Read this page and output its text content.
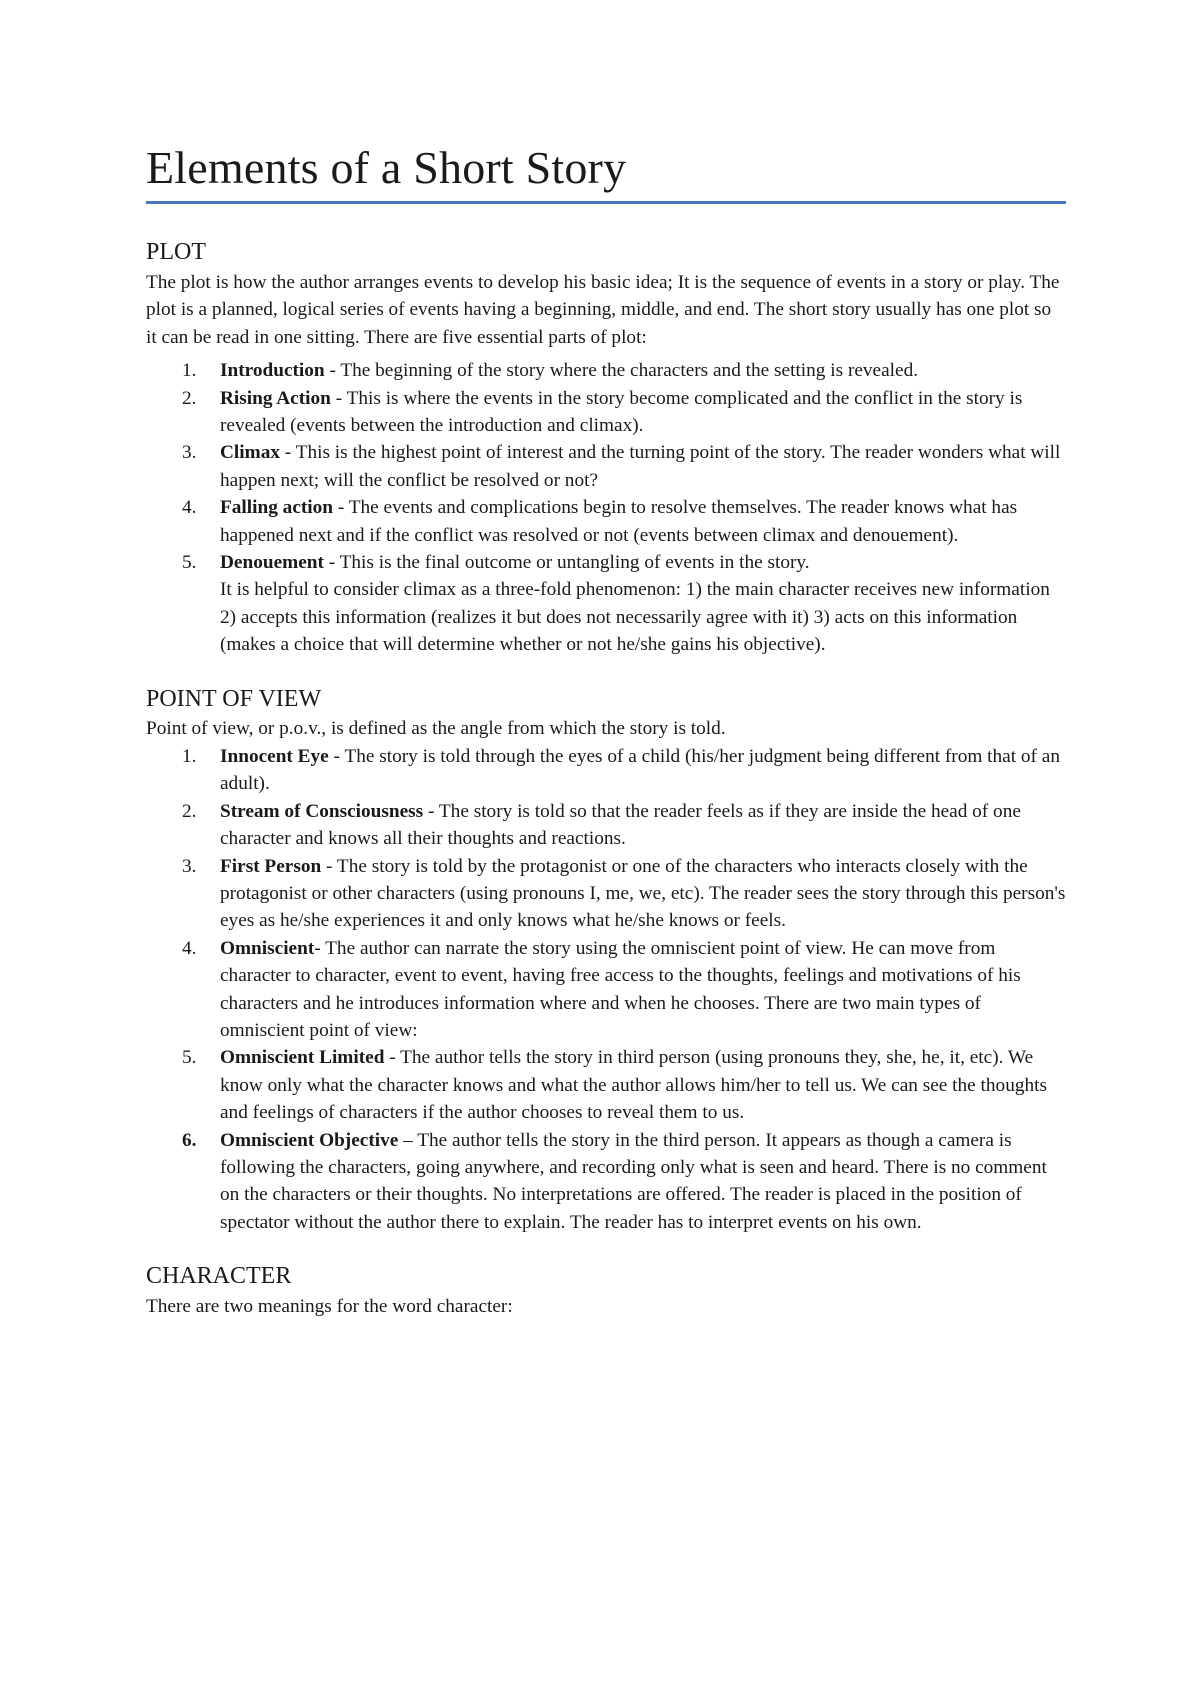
Elements of a Short Story
PLOT

The plot is how the author arranges events to develop his basic idea; It is the sequence of events in a story or play. The plot is a planned, logical series of events having a beginning, middle, and end. The short story usually has one plot so it can be read in one sitting. There are five essential parts of plot:

1. Introduction - The beginning of the story where the characters and the setting is revealed.
2. Rising Action - This is where the events in the story become complicated and the conflict in the story is revealed (events between the introduction and climax).
3. Climax - This is the highest point of interest and the turning point of the story. The reader wonders what will happen next; will the conflict be resolved or not?
4. Falling action - The events and complications begin to resolve themselves. The reader knows what has happened next and if the conflict was resolved or not (events between climax and denouement).
5. Denouement - This is the final outcome or untangling of events in the story.
It is helpful to consider climax as a three-fold phenomenon: 1) the main character receives new information 2) accepts this information (realizes it but does not necessarily agree with it) 3) acts on this information (makes a choice that will determine whether or not he/she gains his objective).
POINT OF VIEW

Point of view, or p.o.v., is defined as the angle from which the story is told.

1. Innocent Eye - The story is told through the eyes of a child (his/her judgment being different from that of an adult).
2. Stream of Consciousness - The story is told so that the reader feels as if they are inside the head of one character and knows all their thoughts and reactions.
3. First Person - The story is told by the protagonist or one of the characters who interacts closely with the protagonist or other characters (using pronouns I, me, we, etc). The reader sees the story through this person's eyes as he/she experiences it and only knows what he/she knows or feels.
4. Omniscient- The author can narrate the story using the omniscient point of view. He can move from character to character, event to event, having free access to the thoughts, feelings and motivations of his characters and he introduces information where and when he chooses. There are two main types of omniscient point of view:
5. Omniscient Limited - The author tells the story in third person (using pronouns they, she, he, it, etc). We know only what the character knows and what the author allows him/her to tell us. We can see the thoughts and feelings of characters if the author chooses to reveal them to us.
6. Omniscient Objective – The author tells the story in the third person. It appears as though a camera is following the characters, going anywhere, and recording only what is seen and heard. There is no comment on the characters or their thoughts. No interpretations are offered. The reader is placed in the position of spectator without the author there to explain. The reader has to interpret events on his own.
CHARACTER

There are two meanings for the word character:
